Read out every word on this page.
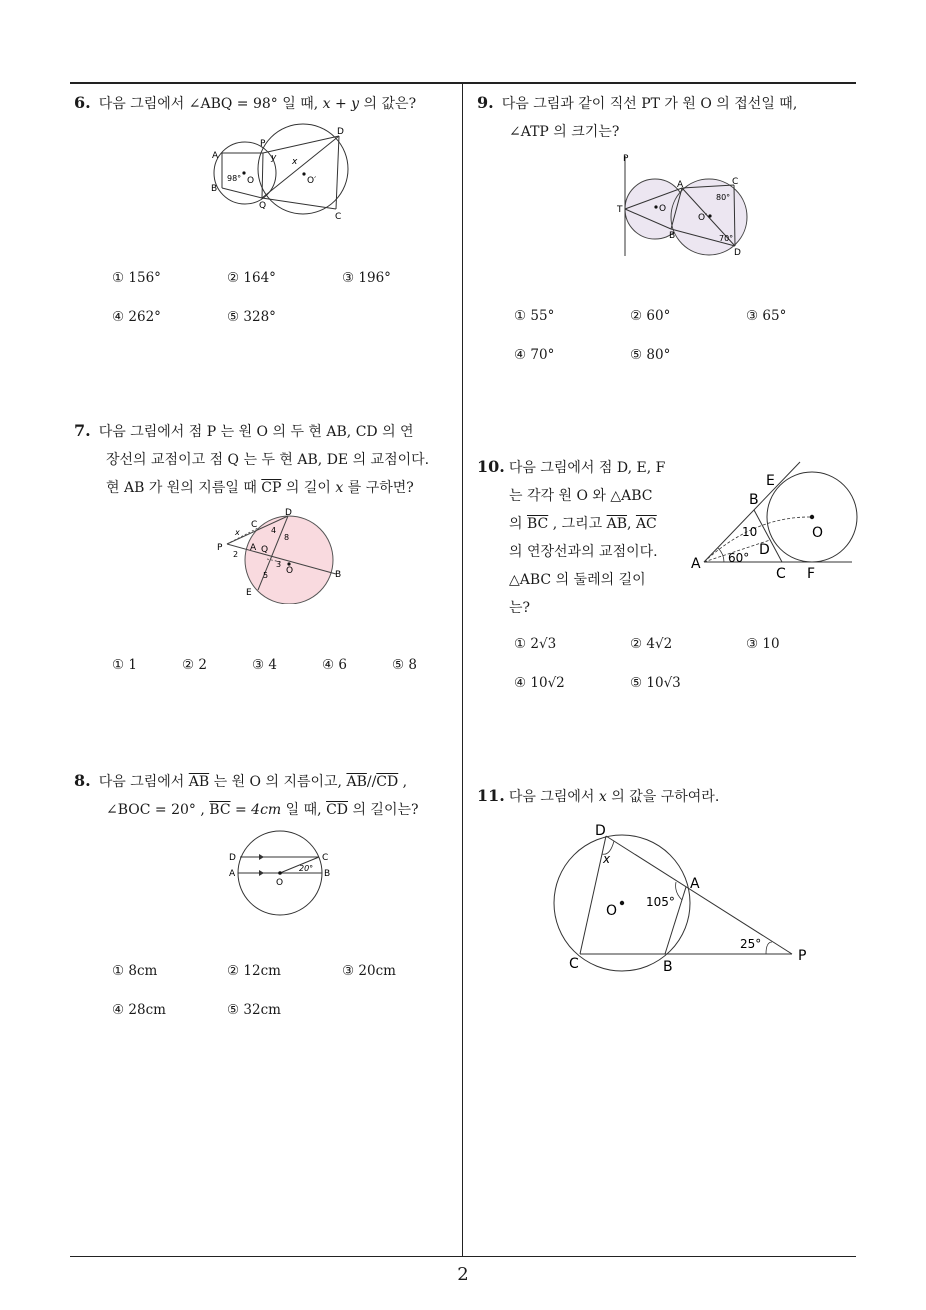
6. 다음 그림에서 ∠ABQ = 98° 일 때, x + y 의 값은?
A
B
P
Q
D
C
O	O′
98°
x
y
① 156°	② 164°	③ 196°
④ 262°	⑤ 328°
7. 다음 그림에서 점 P 는 원 O 의 두 현 AB, CD 의 연
장선의 교점이고 점 Q 는 두 현 AB, DE 의 교점이다.
현 AB 가 원의 지름일 때 $\overline{CP}$ 의 길이 x 를 구하면?
P
C
D
A Q
O	B
E
x
2
4
8
3
5
① 1	② 2	③ 4	④ 6	⑤ 8
8. 다음 그림에서 $\overline{AB}$ 는 원 O 의 지름이고, $\overline{AB}//\overline{CD}$ ,
∠BOC = 20° , $\overline{BC} = 4cm$ 일 때, $\overline{CD}$ 의 길이는?
D
A
C
B
O
20°
① 8cm	② 12cm	③ 20cm
④ 28cm	⑤ 32cm
9. 다음 그림과 같이 직선 PT 가 원 O 의 접선일 때,
∠ATP 의 크기는?
P
T	O
O′
A
B
C
D
80°
70°
① 55°	② 60°	③ 65°
④ 70°	⑤ 80°
10. 다음 그림에서 점 D, E, F
는 각각 원 O 와 △ABC
의 $\overline{BC}$ , 그리고 $\overline{AB}$, $\overline{AC}$
의 연장선과의 교점이다.
△ABC 의 둘레의 길이
는?
E
B
O
10
D
A 60°
C F
① 2√3	② 4√2	③ 10
④ 10√2	⑤ 10√3
11. 다음 그림에서 x 의 값을 구하여라.
D
x
A
O
105°
25°
C	B
P
2
